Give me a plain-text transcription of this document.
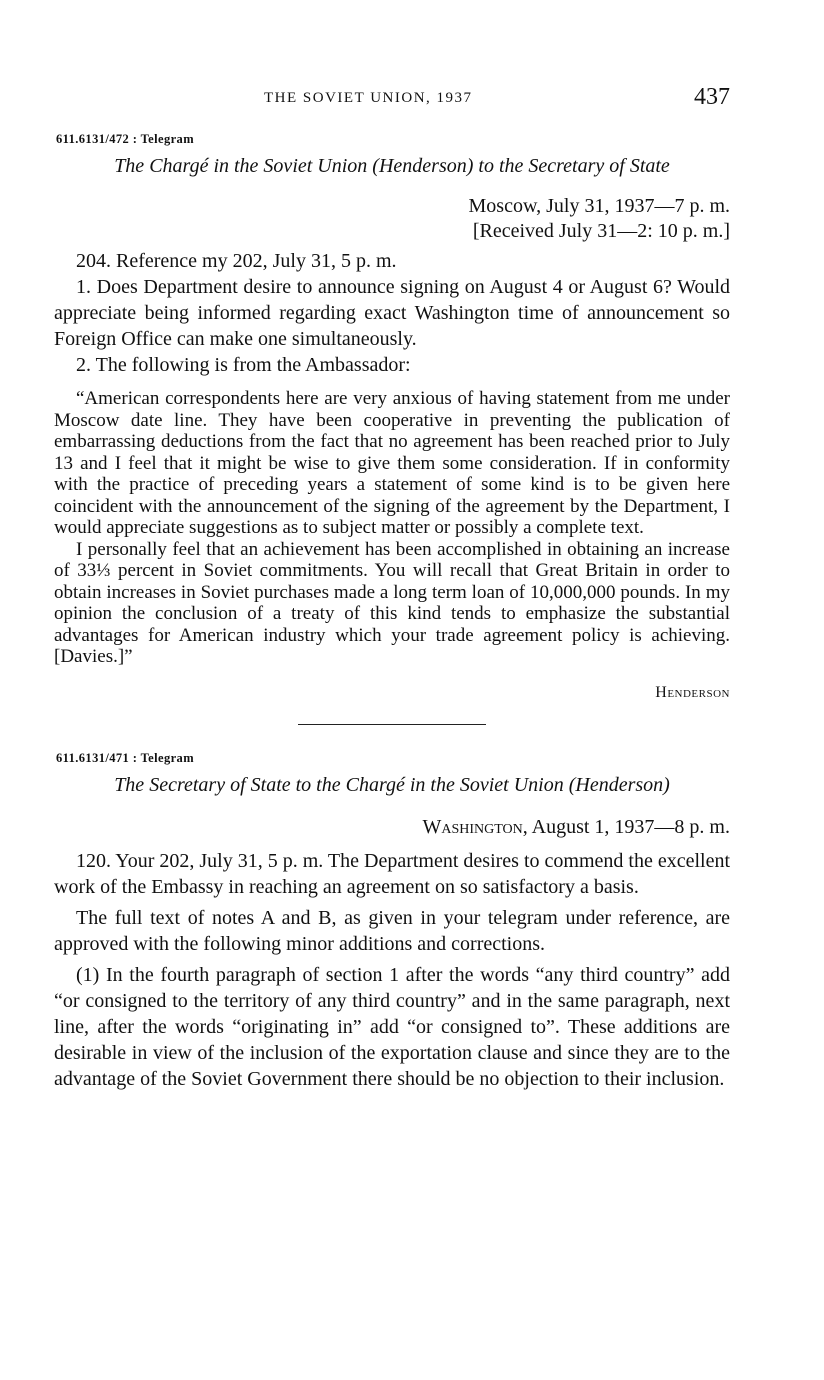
THE SOVIET UNION, 1937	437
611.6131/472 : Telegram
The Chargé in the Soviet Union (Henderson) to the Secretary of State
Moscow, July 31, 1937—7 p. m.
[Received July 31—2: 10 p. m.]

204. Reference my 202, July 31, 5 p. m.

1. Does Department desire to announce signing on August 4 or August 6? Would appreciate being informed regarding exact Washington time of announcement so Foreign Office can make one simultaneously.

2. The following is from the Ambassador:

“American correspondents here are very anxious of having statement from me under Moscow date line. They have been cooperative in preventing the publication of embarrassing deductions from the fact that no agreement has been reached prior to July 13 and I feel that it might be wise to give them some consideration. If in conformity with the practice of preceding years a statement of some kind is to be given here coincident with the announcement of the signing of the agreement by the Department, I would appreciate suggestions as to subject matter or possibly a complete text.

I personally feel that an achievement has been accomplished in obtaining an increase of 33⅓ percent in Soviet commitments. You will recall that Great Britain in order to obtain increases in Soviet purchases made a long term loan of 10,000,000 pounds. In my opinion the conclusion of a treaty of this kind tends to emphasize the substantial advantages for American industry which your trade agreement policy is achieving. [Davies.]”

Henderson
611.6131/471 : Telegram
The Secretary of State to the Chargé in the Soviet Union (Henderson)
Washington, August 1, 1937—8 p. m.

120. Your 202, July 31, 5 p. m. The Department desires to commend the excellent work of the Embassy in reaching an agreement on so satisfactory a basis.

The full text of notes A and B, as given in your telegram under reference, are approved with the following minor additions and corrections.

(1) In the fourth paragraph of section 1 after the words “any third country” add “or consigned to the territory of any third country” and in the same paragraph, next line, after the words “originating in” add “or consigned to”. These additions are desirable in view of the inclusion of the exportation clause and since they are to the advantage of the Soviet Government there should be no objection to their inclusion.
